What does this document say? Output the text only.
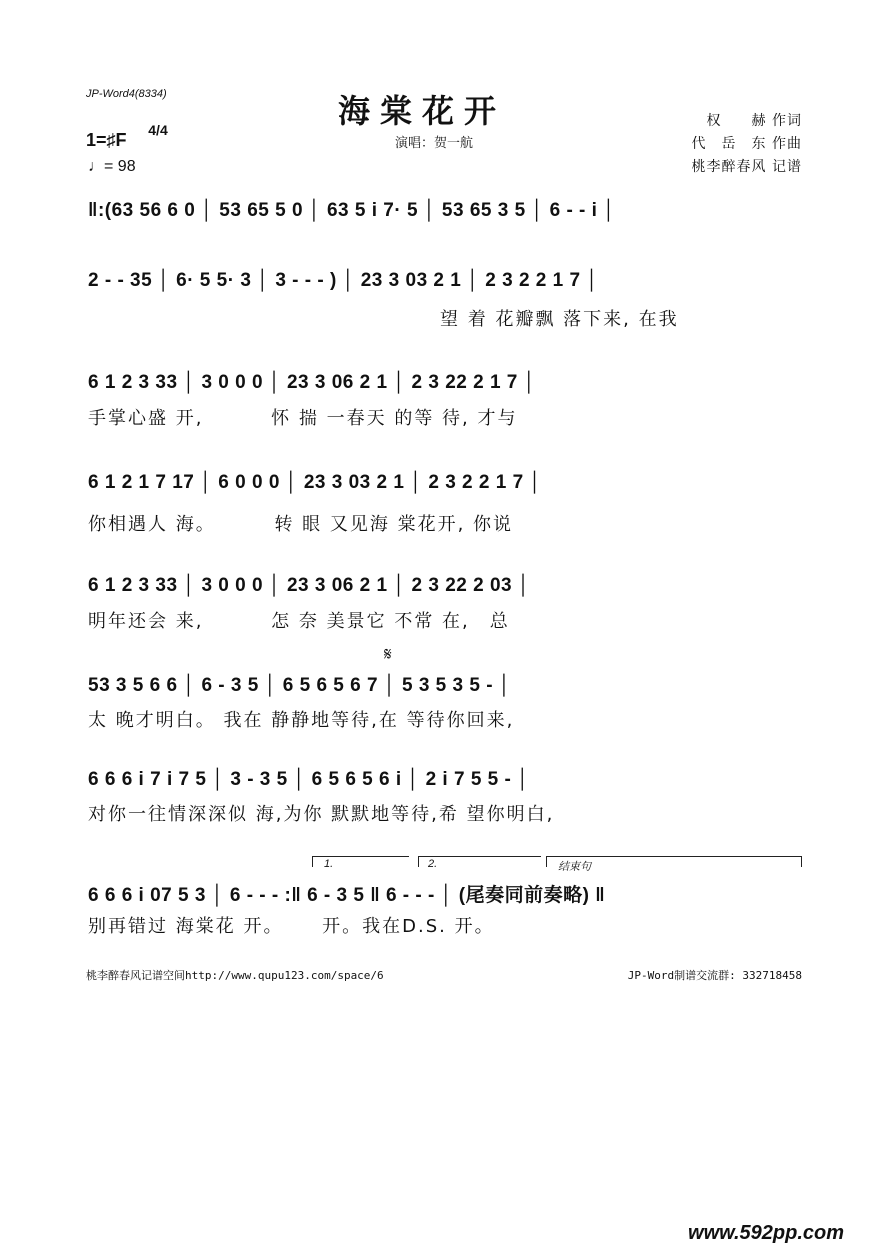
JP-Word4(8334)	海棠花开
演唱：贺一航
权　　赫 作词
代　岳　东 作曲
桃李醉春风 记谱
1=♯F 4/4
♩= 98
‖:(63 56 6 0 │ 53 65 5 0 │ 63 5 i 7· 5 │ 53 65 3 5 │ 6 - - i │
2 - - 35 │ 6· 5 5· 3 │ 3 - - - ) │ 23 3 03 2 1 │ 2 3 2 2 1 7 │
望 着 花瓣飘 落下来, 在我
6 1 2 3 33 │ 3 0 0 0 │ 23 3 06 2 1 │ 2 3 22 2 1 7 │
手掌心盛 开,　　　 怀 揣 一春天 的等 待, 才与
6 1 2 1 7 17 │ 6 0 0 0 │ 23 3 03 2 1 │ 2 3 2 2 1 7 │
你相遇人 海。　　　 转 眼 又见海 棠花开, 你说
6 1 2 3 33 │ 3 0 0 0 │ 23 3 06 2 1 │ 2 3 22 2 03 │
明年还会 来,　　　 怎 奈 美景它 不常 在,　总
𝄋
53 3 5 6 6 │ 6 - 3 5 │ 6 5 6 5 6 7 │ 5 3 5 3 5 - │
太 晚才明白。 我在 静静地等待,在 等待你回来,
6 6 6 i 7 i 7 5 │ 3 - 3 5 │ 6 5 6 5 6 i │ 2 i 7 5 5 - │
对你一往情深深似 海,为你 默默地等待,希 望你明白,
1.	2.	结束句
6 6 6 i 07 5 3 │ 6 - - - :‖ 6 - 3 5 ‖ 6 - - - │ (尾奏同前奏略) ‖
别再错过 海棠花 开。　　 开。我在D.S. 开。
桃李醉春风记谱空间http://www.qupu123.com/space/6	JP-Word制谱交流群: 332718458
www.592pp.com
